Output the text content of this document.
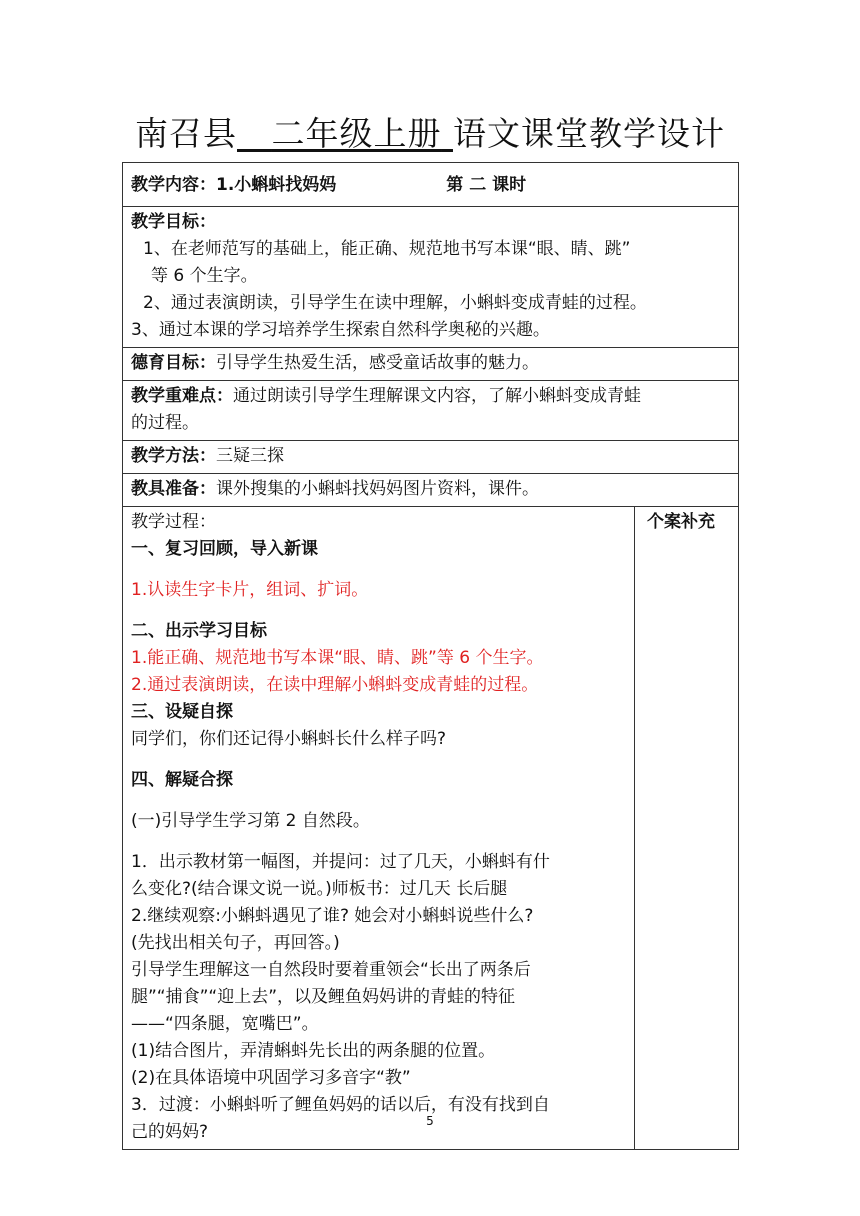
南召县 二年级上册 语文课堂教学设计
教学内容：1.小蝌蚪找妈妈	第 二 课时

教学目标：
1、在老师范写的基础上，能正确、规范地书写本课“眼、睛、跳”
等 6 个生字。
2、通过表演朗读，引导学生在读中理解，小蝌蚪变成青蛙的过程。
3、通过本课的学习培养学生探索自然科学奥秘的兴趣。

德育目标：引导学生热爱生活，感受童话故事的魅力。
教学重难点：通过朗读引导学生理解课文内容，了解小蝌蚪变成青蛙
的过程。

教学方法：三疑三探
教具准备：课外搜集的小蝌蚪找妈妈图片资料，课件。

教学过程：
一、复习回顾，导入新课
1.认读生字卡片，组词、扩词。
二、出示学习目标
1.能正确、规范地书写本课“眼、睛、跳”等 6 个生字。
2.通过表演朗读，在读中理解小蝌蚪变成青蛙的过程。
三、设疑自探
同学们，你们还记得小蝌蚪长什么样子吗?
四、解疑合探
(一)引导学生学习第 2 自然段。
1．出示教材第一幅图，并提问：过了几天，小蝌蚪有什
么变化?(结合课文说一说。)师板书：过几天 长后腿
2.继续观察:小蝌蚪遇见了谁? 她会对小蝌蚪说些什么?
(先找出相关句子，再回答。)
引导学生理解这一自然段时要着重领会“长出了两条后
腿”“捕食”“迎上去”，以及鲤鱼妈妈讲的青蛙的特征
——“四条腿，宽嘴巴”。
(1)结合图片，弄清蝌蚪先长出的两条腿的位置。
(2)在具体语境中巩固学习多音字“教”
3．过渡：小蝌蚪听了鲤鱼妈妈的话以后，有没有找到自
己的妈妈?
	个案补充
5
